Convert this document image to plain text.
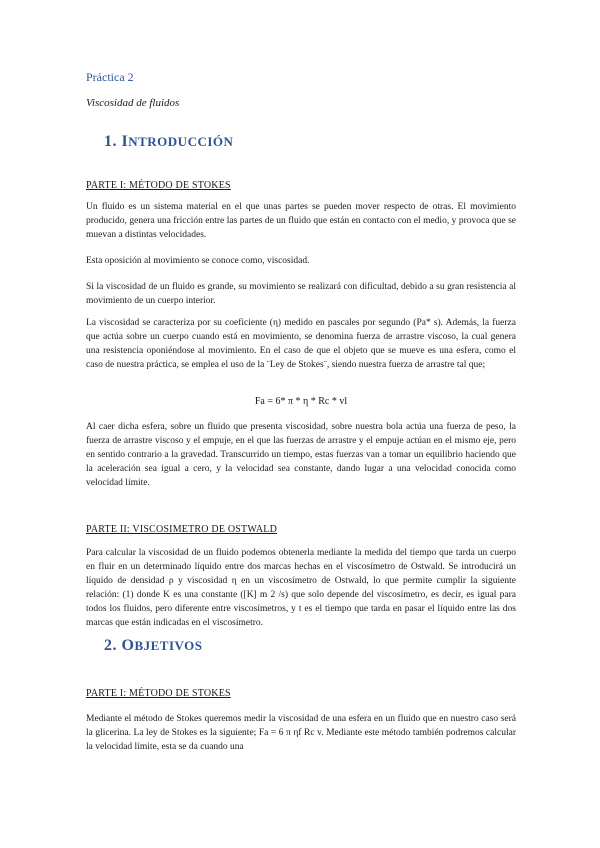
Práctica 2
Viscosidad de fluidos
1. INTRODUCCIÓN
PARTE I: MÉTODO DE STOKES
Un fluido es un sistema material en el que unas partes se pueden mover respecto de otras. El movimiento producido, genera una fricción entre las partes de un fluido que están en contacto con el medio, y provoca que se muevan a distintas velocidades.
Esta oposición al movimiento se conoce como, viscosidad.
Si la viscosidad de un fluido es grande, su movimiento se realizará con dificultad, debido a su gran resistencia al movimiento de un cuerpo interior.
La viscosidad se caracteriza por su coeficiente (η) medido en pascales por segundo (Pa* s). Además, la fuerza que actúa sobre un cuerpo cuando está en movimiento, se denomina fuerza de arrastre viscoso, la cual genera una resistencia oponiéndose al movimiento. En el caso de que el objeto que se mueve es una esfera, como el caso de nuestra práctica, se emplea el uso de la ¨Ley de Stokes¨, siendo nuestra fuerza de arrastre tal que;
Fa = 6* π * η * Rc * vl
Al caer dicha esfera, sobre un fluido que presenta viscosidad, sobre nuestra bola actúa una fuerza de peso, la fuerza de arrastre viscoso y el empuje, en el que las fuerzas de arrastre y el empuje actúan en el mismo eje, pero en sentido contrario a la gravedad. Transcurrido un tiempo, estas fuerzas van a tomar un equilibrio haciendo que la aceleración sea igual a cero, y la velocidad sea constante, dando lugar a una velocidad conocida como velocidad límite.
PARTE II: VISCOSIMETRO DE OSTWALD
Para calcular la viscosidad de un fluido podemos obtenerla mediante la medida del tiempo que tarda un cuerpo en fluir en un determinado líquido entre dos marcas hechas en el viscosímetro de Ostwald. Se introducirá un líquido de densidad ρ y viscosidad η en un viscosímetro de Ostwald, lo que permite cumplir la siguiente relación: (1) donde K es una constante ([K] m 2 /s) que solo depende del viscosímetro, es decir, es igual para todos los fluidos, pero diferente entre viscosímetros, y t es el tiempo que tarda en pasar el líquido entre las dos marcas que están indicadas en el viscosímetro.
2. OBJETIVOS
PARTE I: MÉTODO DE STOKES
Mediante el método de Stokes queremos medir la viscosidad de una esfera en un fluido que en nuestro caso será la glicerina. La ley de Stokes es la siguiente; Fa = 6 π ηf Rc v. Mediante este método también podremos calcular la velocidad límite, esta se da cuando una
